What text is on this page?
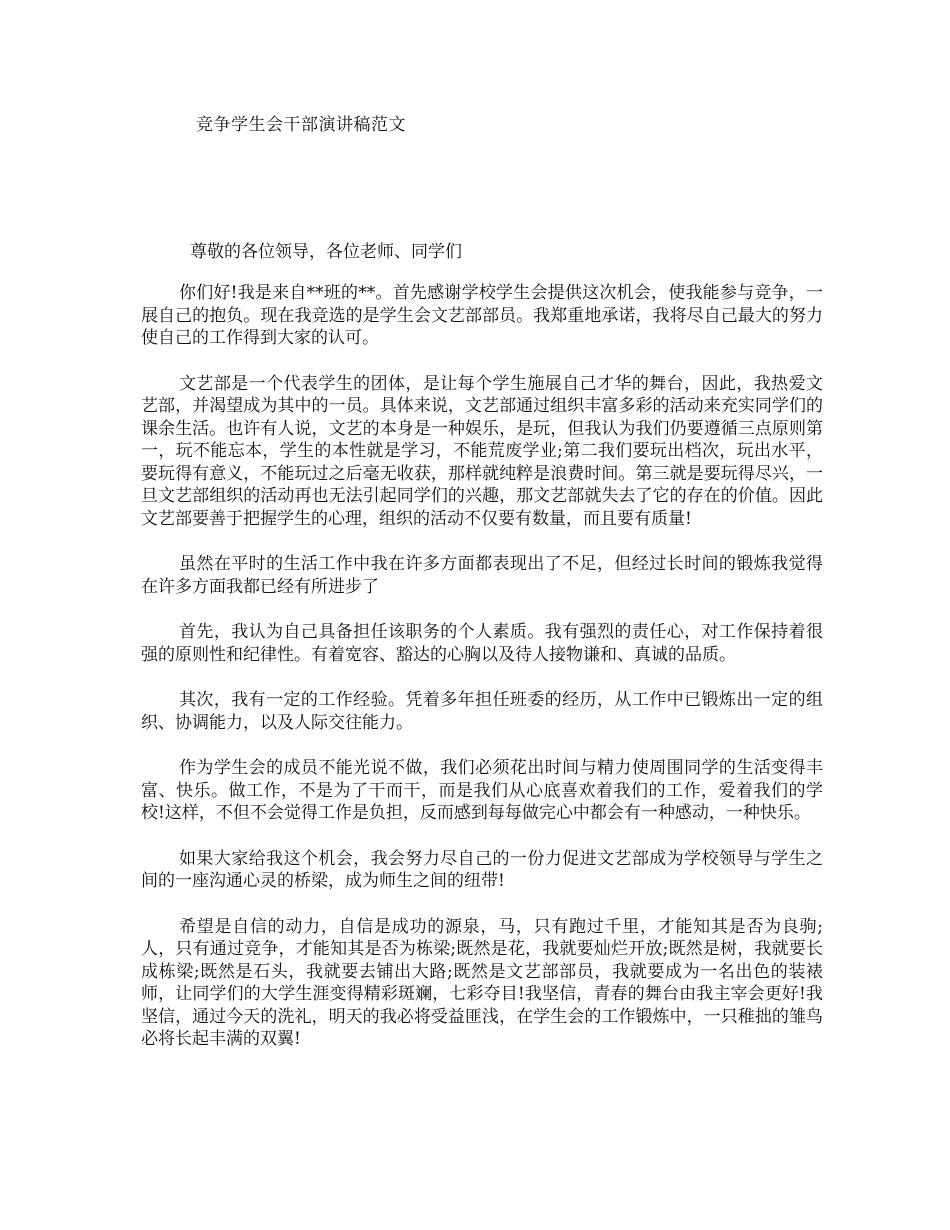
竞争学生会干部演讲稿范文
尊敬的各位领导，各位老师、同学们

你们好!我是来自**班的**。首先感谢学校学生会提供这次机会，使我能参与竞争，一展自己的抱负。现在我竞选的是学生会文艺部部员。我郑重地承诺，我将尽自己最大的努力使自己的工作得到大家的认可。

文艺部是一个代表学生的团体，是让每个学生施展自己才华的舞台，因此，我热爱文艺部，并渴望成为其中的一员。具体来说，文艺部通过组织丰富多彩的活动来充实同学们的课余生活。也许有人说，文艺的本身是一种娱乐，是玩，但我认为我们仍要遵循三点原则第一，玩不能忘本，学生的本性就是学习，不能荒废学业;第二我们要玩出档次，玩出水平，要玩得有意义，不能玩过之后毫无收获，那样就纯粹是浪费时间。第三就是要玩得尽兴，一旦文艺部组织的活动再也无法引起同学们的兴趣，那文艺部就失去了它的存在的价值。因此文艺部要善于把握学生的心理，组织的活动不仅要有数量，而且要有质量!

虽然在平时的生活工作中我在许多方面都表现出了不足，但经过长时间的锻炼我觉得在许多方面我都已经有所进步了

首先，我认为自己具备担任该职务的个人素质。我有强烈的责任心，对工作保持着很强的原则性和纪律性。有着宽容、豁达的心胸以及待人接物谦和、真诚的品质。

其次，我有一定的工作经验。凭着多年担任班委的经历，从工作中已锻炼出一定的组织、协调能力，以及人际交往能力。

作为学生会的成员不能光说不做，我们必须花出时间与精力使周围同学的生活变得丰富、快乐。做工作，不是为了干而干，而是我们从心底喜欢着我们的工作，爱着我们的学校!这样，不但不会觉得工作是负担，反而感到每每做完心中都会有一种感动，一种快乐。

如果大家给我这个机会，我会努力尽自己的一份力促进文艺部成为学校领导与学生之间的一座沟通心灵的桥梁，成为师生之间的纽带!

希望是自信的动力，自信是成功的源泉，马，只有跑过千里，才能知其是否为良驹;人，只有通过竞争，才能知其是否为栋梁;既然是花，我就要灿烂开放;既然是树，我就要长成栋梁;既然是石头，我就要去铺出大路;既然是文艺部部员，我就要成为一名出色的装裱师，让同学们的大学生涯变得精彩斑斓，七彩夺目!我坚信，青春的舞台由我主宰会更好!我坚信，通过今天的洗礼，明天的我必将受益匪浅，在学生会的工作锻炼中，一只稚拙的雏鸟必将长起丰满的双翼!
